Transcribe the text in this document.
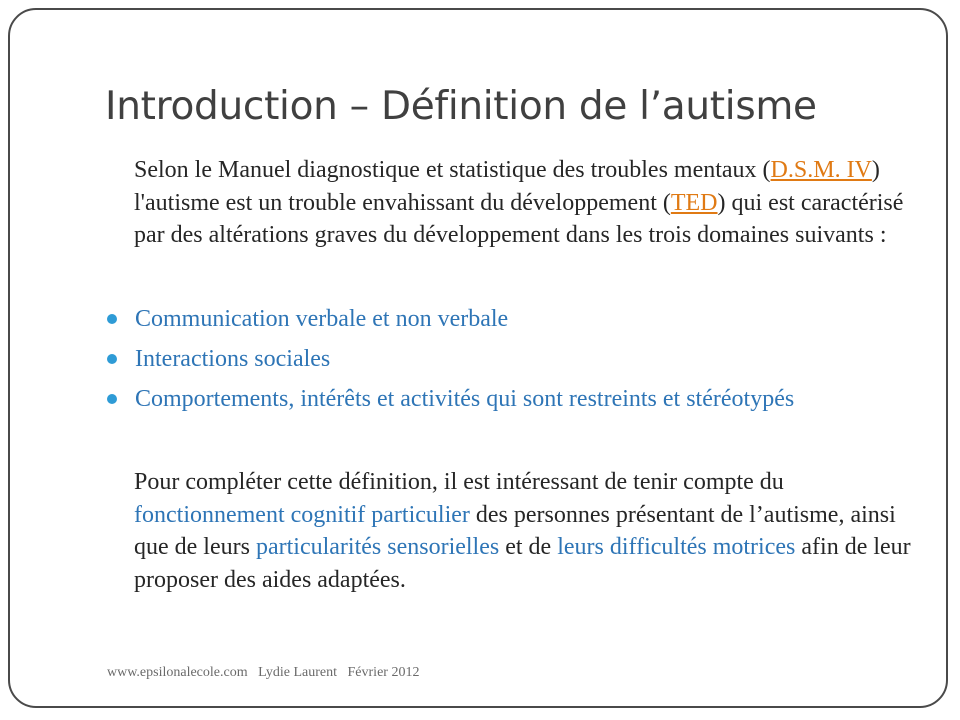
Introduction – Définition de l’autisme
Selon le Manuel diagnostique et statistique des troubles mentaux (D.S.M. IV) l'autisme est un trouble envahissant du développement (TED) qui est caractérisé par des altérations graves du développement dans les trois domaines suivants :
Communication verbale et non verbale
Interactions sociales
Comportements, intérêts et activités qui sont restreints et stéréotypés
Pour compléter cette définition, il est intéressant de tenir compte du fonctionnement cognitif particulier des personnes présentant de l’autisme, ainsi que de leurs particularités sensorielles et de leurs difficultés motrices afin de leur proposer des aides adaptées.
www.epsilonalecole.com   Lydie Laurent   Février 2012
